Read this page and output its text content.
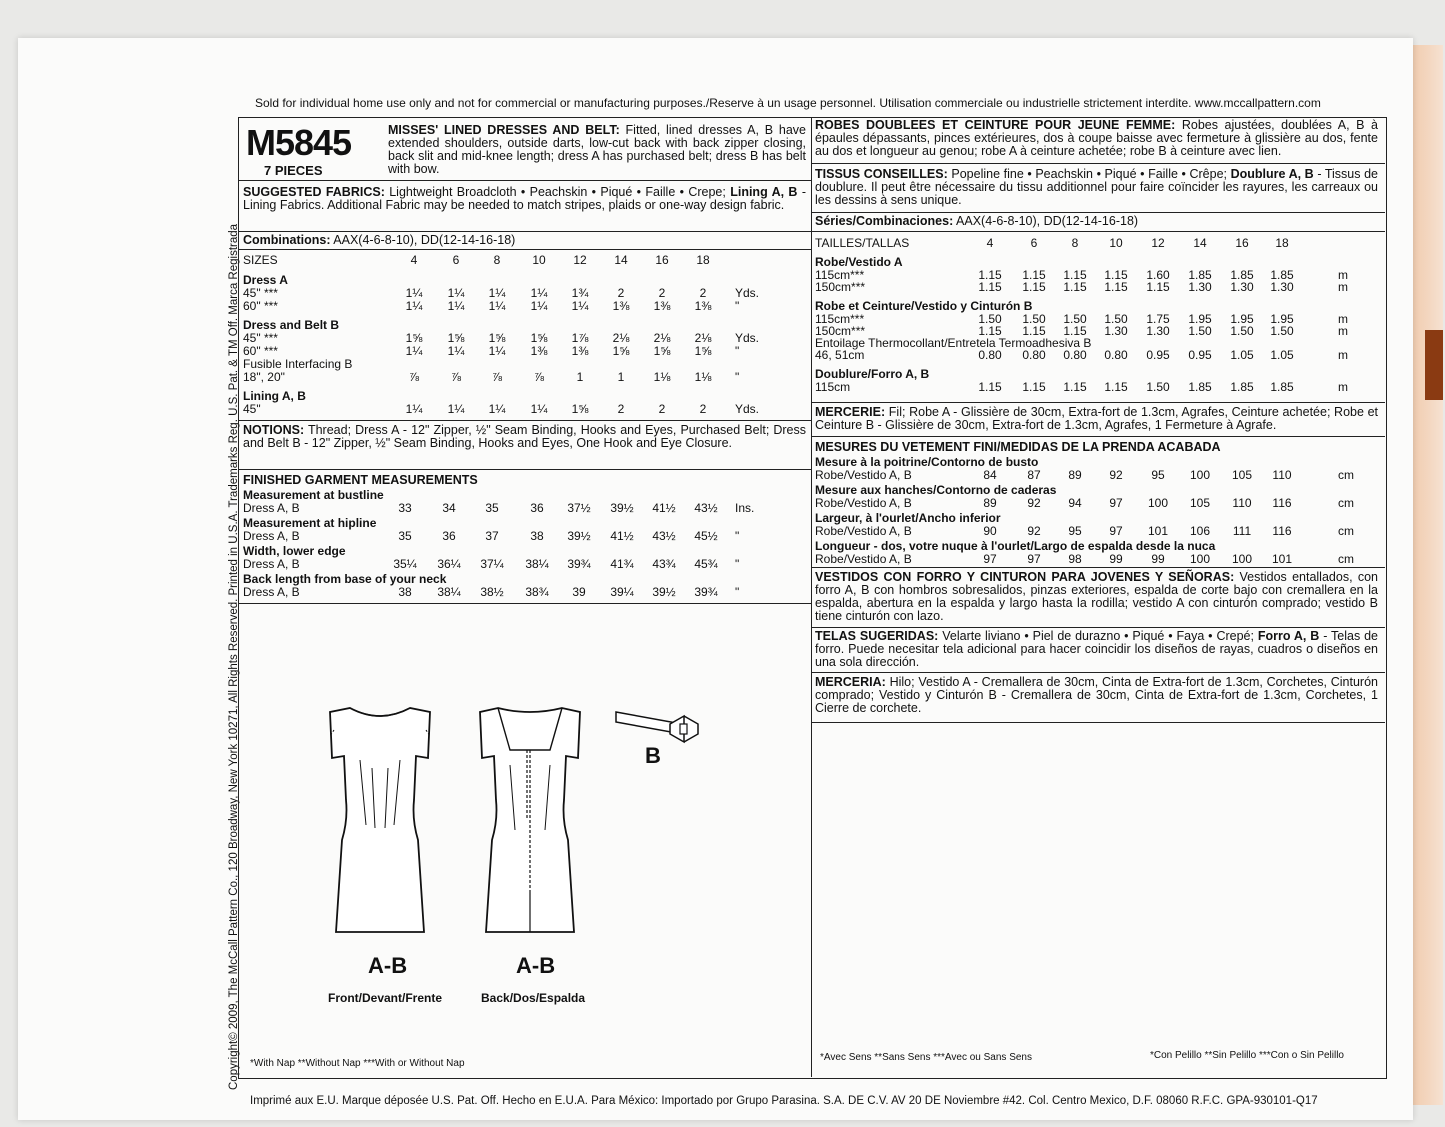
Sold for individual home use only and not for commercial or manufacturing purposes./Reserve à un usage personnel. Utilisation commerciale ou industrielle strictement interdite. www.mccallpattern.com
Copyright© 2009, The McCall Pattern Co., 120 Broadway, New York 10271, All Rights Reserved. Printed in U.S.A. Trademarks Reg. U.S. Pat. & TM Off. Marca Registrada
M5845
7 PIECES
MISSES' LINED DRESSES AND BELT: Fitted, lined dresses A, B have extended shoulders, outside darts, low-cut back with back zipper closing, back slit and mid-knee length; dress A has purchased belt; dress B has belt with bow.
SUGGESTED FABRICS: Lightweight Broadcloth • Peachskin • Piqué • Faille • Crepe; Lining A, B - Lining Fabrics. Additional Fabric may be needed to match stripes, plaids or one-way design fabric.
Combinations: AAX(4-6-8-10), DD(12-14-16-18)
SIZES	4	6	8	10	12	14	16	18
Dress A
45" ***	1¼	1¼	1¼	1¼	1¾	2	2	2	Yds.
60" ***	1¼	1¼	1¼	1¼	1¼	1⅜	1⅜	1⅜	"
Dress and Belt B
45" ***	1⅝	1⅝	1⅝	1⅝	1⅞	2⅛	2⅛	2⅛	Yds.
60" ***	1¼	1¼	1¼	1⅜	1⅜	1⅝	1⅝	1⅝	"
Fusible Interfacing B
18", 20"	⅞	⅞	⅞	⅞	1	1	1⅛	1⅛	"
Lining A, B
45"	1¼	1¼	1¼	1¼	1⅝	2	2	2	Yds.
NOTIONS: Thread; Dress A - 12" Zipper, ½" Seam Binding, Hooks and Eyes, Purchased Belt; Dress and Belt B - 12" Zipper, ½" Seam Binding, Hooks and Eyes, One Hook and Eye Closure.
FINISHED GARMENT MEASUREMENTS
Measurement at bustline
Dress A, B	33	34	35	36	37½	39½	41½	43½	Ins.
Measurement at hipline
Dress A, B	35	36	37	38	39½	41½	43½	45½	"
Width, lower edge
Dress A, B	35¼	36¼	37¼	38¼	39¾	41¾	43¾	45¾	"
Back length from base of your neck
Dress A, B	38	38¼	38½	38¾	39	39¼	39½	39¾	"
B
A-B	A-B
Front/Devant/Frente	Back/Dos/Espalda
*With Nap **Without Nap ***With or Without Nap
ROBES DOUBLEES ET CEINTURE POUR JEUNE FEMME: Robes ajustées, doublées A, B à épaules dépassants, pinces extérieures, dos à coupe baisse avec fermeture à glissière au dos, fente au dos et longueur au genou; robe A à ceinture achetée; robe B à ceinture avec lien.
TISSUS CONSEILLES: Popeline fine • Peachskin • Piqué • Faille • Crêpe; Doublure A, B - Tissus de doublure. Il peut être nécessaire du tissu additionnel pour faire coïncider les rayures, les carreaux ou les dessins à sens unique.
Séries/Combinaciones: AAX(4-6-8-10), DD(12-14-16-18)
TAILLES/TALLAS	4	6	8	10	12	14	16	18
Robe/Vestido A
115cm***	1.15	1.15	1.15	1.15	1.60	1.85	1.85	1.85	m
150cm***	1.15	1.15	1.15	1.15	1.15	1.30	1.30	1.30	m
Robe et Ceinture/Vestido y Cinturón B
115cm***	1.50	1.50	1.50	1.50	1.75	1.95	1.95	1.95	m
150cm***	1.15	1.15	1.15	1.30	1.30	1.50	1.50	1.50	m
Entoilage Thermocollant/Entretela Termoadhesiva B
46, 51cm	0.80	0.80	0.80	0.80	0.95	0.95	1.05	1.05	m
Doublure/Forro A, B
115cm	1.15	1.15	1.15	1.15	1.50	1.85	1.85	1.85	m
MERCERIE: Fil; Robe A - Glissière de 30cm, Extra-fort de 1.3cm, Agrafes, Ceinture achetée; Robe et Ceinture B - Glissière de 30cm, Extra-fort de 1.3cm, Agrafes, 1 Fermeture à Agrafe.
MESURES DU VETEMENT FINI/MEDIDAS DE LA PRENDA ACABADA
Mesure à la poitrine/Contorno de busto
Robe/Vestido A, B	84	87	89	92	95	100	105	110	cm
Mesure aux hanches/Contorno de caderas
Robe/Vestido A, B	89	92	94	97	100	105	110	116	cm
Largeur, à l'ourlet/Ancho inferior
Robe/Vestido A, B	90	92	95	97	101	106	111	116	cm
Longueur - dos, votre nuque à l'ourlet/Largo de espalda desde la nuca
Robe/Vestido A, B	97	97	98	99	99	100	100	101	cm
VESTIDOS CON FORRO Y CINTURON PARA JOVENES Y SEÑORAS: Vestidos entallados, con forro A, B con hombros sobresalidos, pinzas exteriores, espalda de corte bajo con cremallera en la espalda, abertura en la espalda y largo hasta la rodilla; vestido A con cinturón comprado; vestido B tiene cinturón con lazo.
TELAS SUGERIDAS: Velarte liviano • Piel de durazno • Piqué • Faya • Crepé; Forro A, B - Telas de forro. Puede necesitar tela adicional para hacer coincidir los diseños de rayas, cuadros o diseños en una sola dirección.
MERCERIA: Hilo; Vestido A - Cremallera de 30cm, Cinta de Extra-fort de 1.3cm, Corchetes, Cinturón comprado; Vestido y Cinturón B - Cremallera de 30cm, Cinta de Extra-fort de 1.3cm, Corchetes, 1 Cierre de corchete.
*Avec Sens **Sans Sens ***Avec ou Sans Sens	*Con Pelillo **Sin Pelillo ***Con o Sin Pelillo
Imprimé aux E.U. Marque déposée U.S. Pat. Off. Hecho en E.U.A. Para México: Importado por Grupo Parasina. S.A. DE C.V. AV 20 DE Noviembre #42. Col. Centro Mexico, D.F. 08060 R.F.C. GPA-930101-Q17
